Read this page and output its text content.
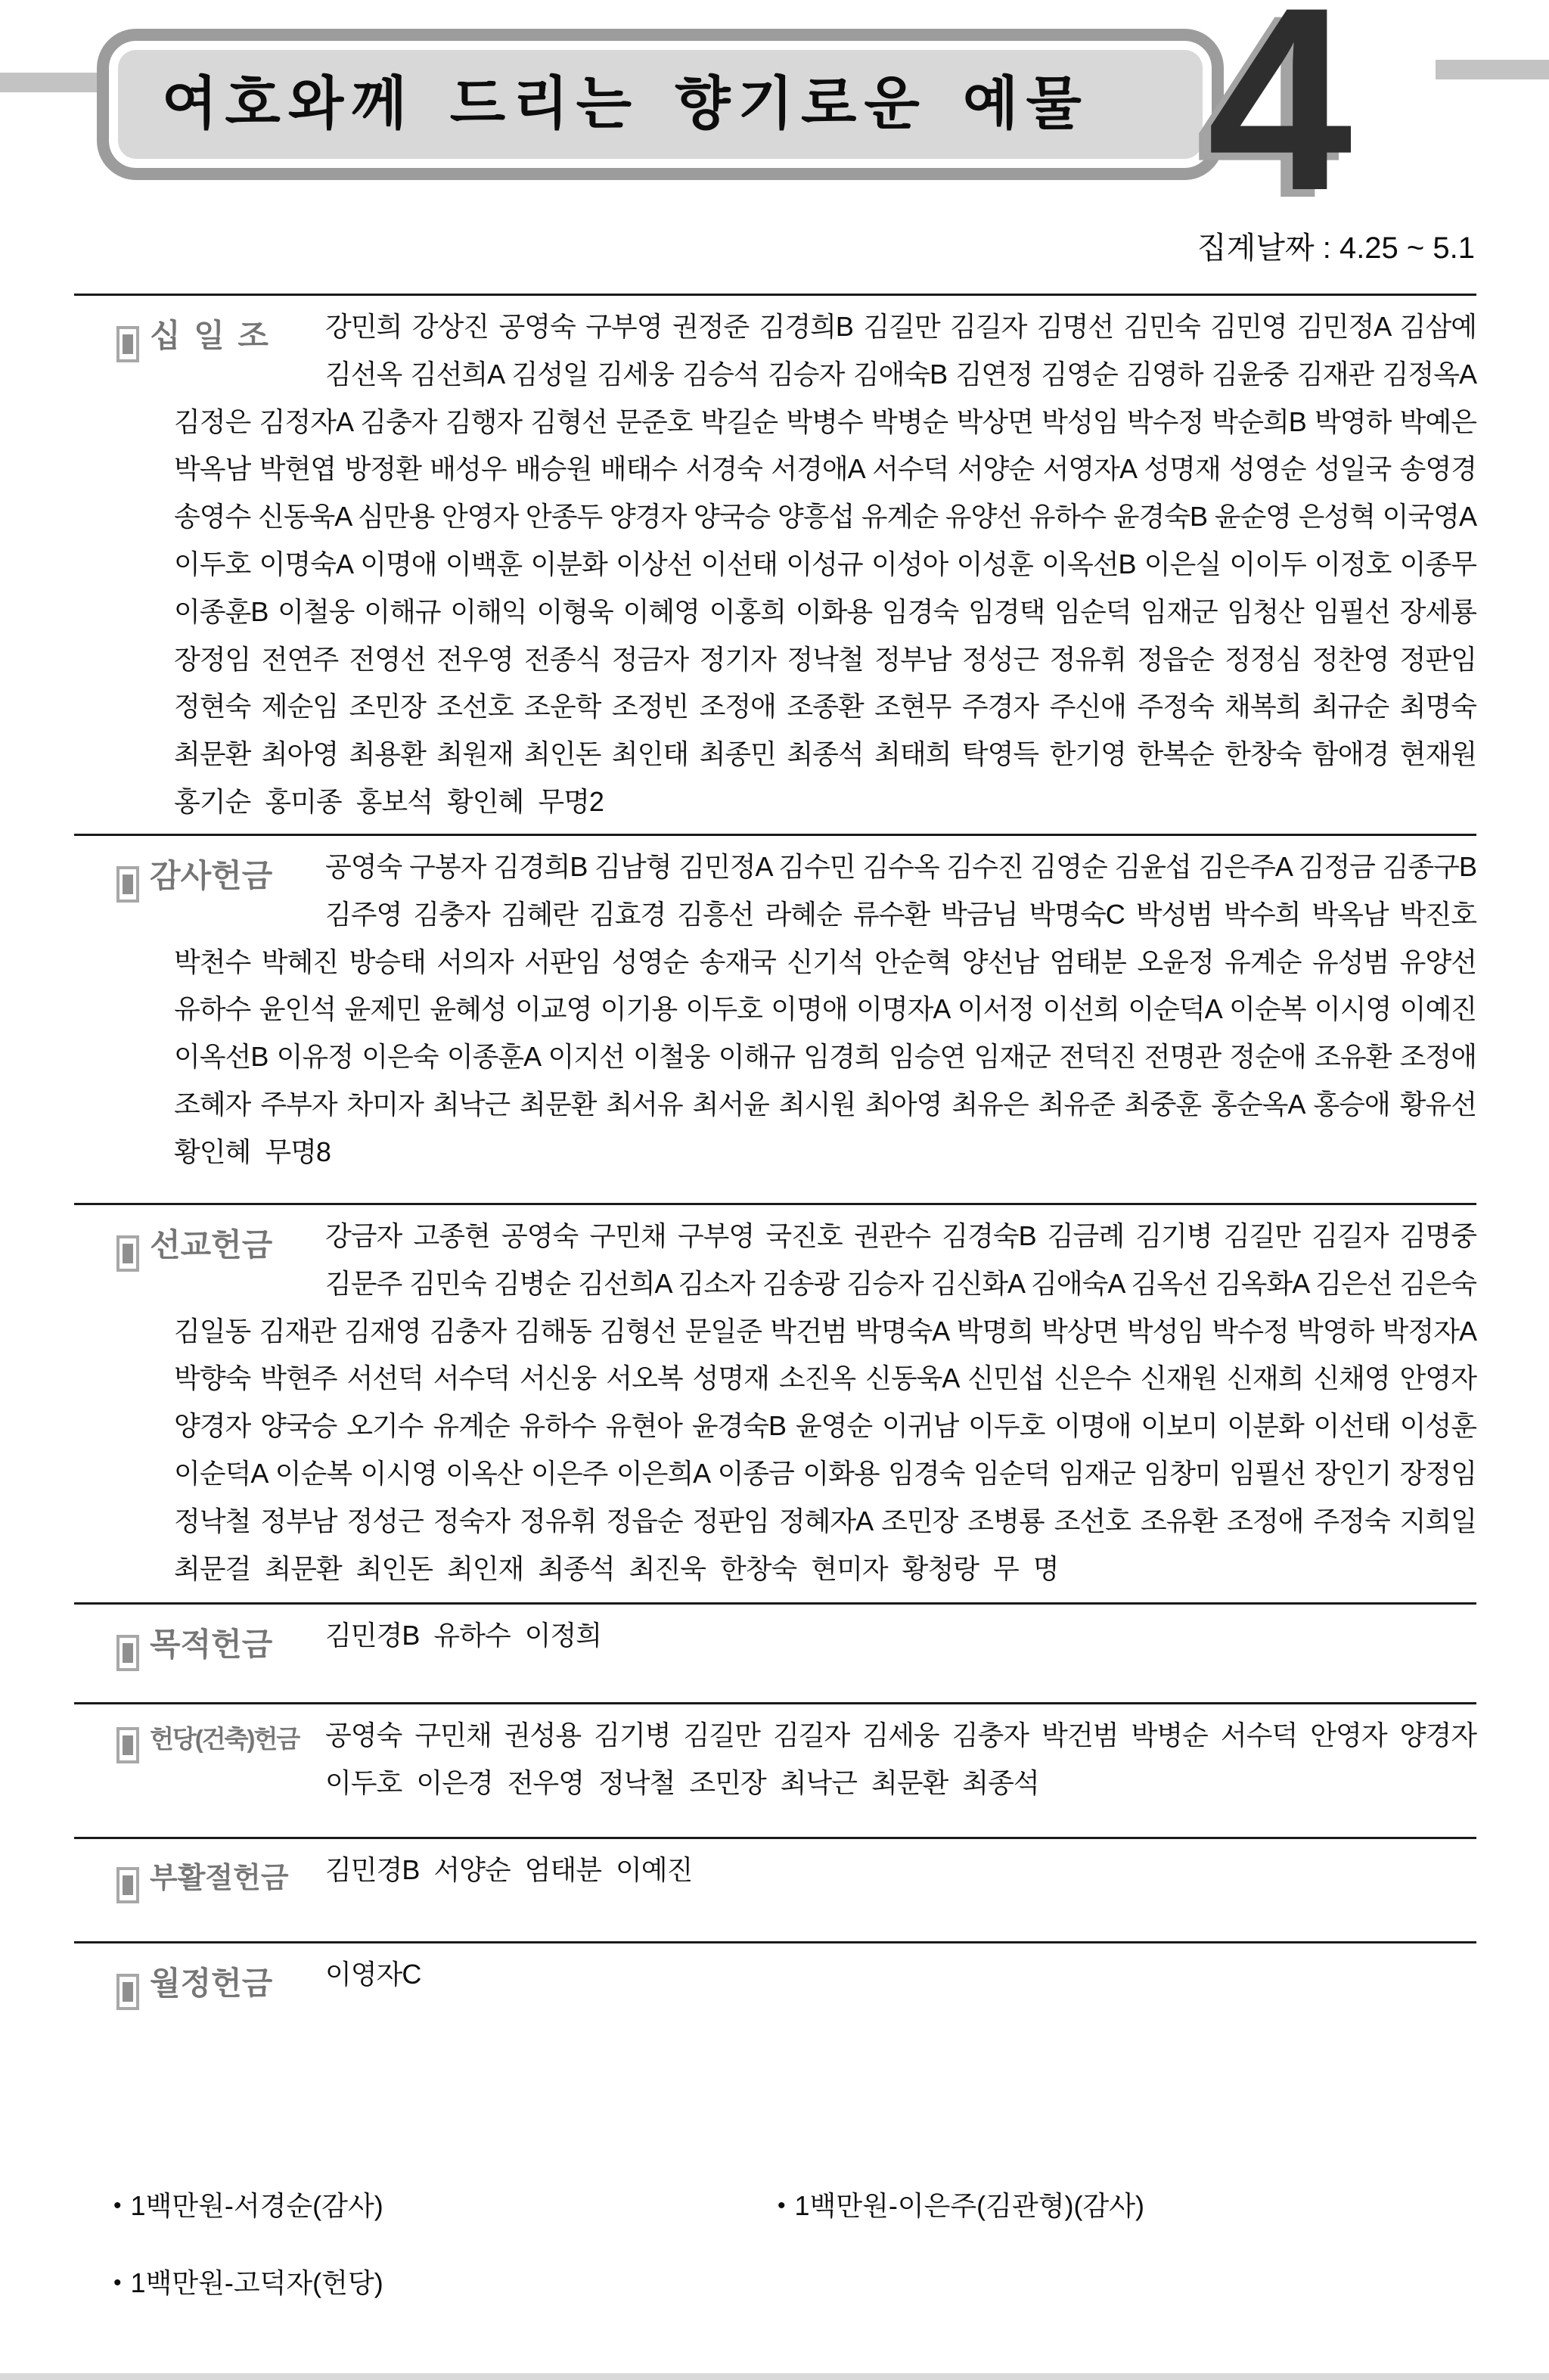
여호와께 드리는 향기로운 예물 4
집계날짜 : 4.25 ~ 5.1
십일조 강민희 강상진 공영숙 구부영 권정준 김경희B 김길만 김길자 김명선 김민숙 김민영 김민정A 김삼예
김선옥 김선희A 김성일 김세웅 김승석 김승자 김애숙B 김연정 김영순 김영하 김윤중 김재관 김정옥A
김정은 김정자A 김충자 김행자 김형선 문준호 박길순 박병수 박병순 박상면 박성임 박수정 박순희B 박영하 박예은
박옥남 박현엽 방정환 배성우 배승원 배태수 서경숙 서경애A 서수덕 서양순 서영자A 성명재 성영순 성일국 송영경
송영수 신동욱A 심만용 안영자 안종두 양경자 양국승 양흥섭 유계순 유양선 유하수 윤경숙B 윤순영 은성혁 이국영A
이두호 이명숙A 이명애 이백훈 이분화 이상선 이선태 이성규 이성아 이성훈 이옥선B 이은실 이이두 이정호 이종무
이종훈B 이철웅 이해규 이해익 이형욱 이혜영 이홍희 이화용 임경숙 임경택 임순덕 임재군 임청산 임필선 장세룡
장정임 전연주 전영선 전우영 전종식 정금자 정기자 정낙철 정부남 정성근 정유휘 정읍순 정정심 정찬영 정판임
정현숙 제순임 조민장 조선호 조운학 조정빈 조정애 조종환 조현무 주경자 주신애 주정숙 채복희 최규순 최명숙
최문환 최아영 최용환 최원재 최인돈 최인태 최종민 최종석 최태희 탁영득 한기영 한복순 한창숙 함애경 현재원
홍기순 홍미종 홍보석 황인혜 무명2
감사헌금 공영숙 구봉자 김경희B 김남형 김민정A 김수민 김수옥 김수진 김영순 김윤섭 김은주A 김정금 김종구B
김주영 김충자 김혜란 김효경 김흥선 라혜순 류수환 박금님 박명숙C 박성범 박수희 박옥남 박진호
박천수 박혜진 방승태 서의자 서판임 성영순 송재국 신기석 안순혁 양선남 엄태분 오윤정 유계순 유성범 유양선
유하수 윤인석 윤제민 윤혜성 이교영 이기용 이두호 이명애 이명자A 이서정 이선희 이순덕A 이순복 이시영 이예진
이옥선B 이유정 이은숙 이종훈A 이지선 이철웅 이해규 임경희 임승연 임재군 전덕진 전명관 정순애 조유환 조정애
조혜자 주부자 차미자 최낙근 최문환 최서유 최서윤 최시원 최아영 최유은 최유준 최중훈 홍순옥A 홍승애 황유선
황인혜 무명8
선교헌금 강금자 고종현 공영숙 구민채 구부영 국진호 권관수 김경숙B 김금례 김기병 김길만 김길자 김명중
김문주 김민숙 김병순 김선희A 김소자 김송광 김승자 김신화A 김애숙A 김옥선 김옥화A 김은선 김은숙
김일동 김재관 김재영 김충자 김해동 김형선 문일준 박건범 박명숙A 박명희 박상면 박성임 박수정 박영하 박정자A
박향숙 박현주 서선덕 서수덕 서신웅 서오복 성명재 소진옥 신동욱A 신민섭 신은수 신재원 신재희 신채영 안영자
양경자 양국승 오기수 유계순 유하수 유현아 윤경숙B 윤영순 이귀남 이두호 이명애 이보미 이분화 이선태 이성훈
이순덕A 이순복 이시영 이옥산 이은주 이은희A 이종금 이화용 임경숙 임순덕 임재군 임창미 임필선 장인기 장정임
정낙철 정부남 정성근 정숙자 정유휘 정읍순 정판임 정혜자A 조민장 조병룡 조선호 조유환 조정애 주정숙 지희일
최문걸 최문환 최인돈 최인재 최종석 최진욱 한창숙 현미자 황청랑 무 명
목적헌금 김민경B 유하수 이정희
헌당(건축)헌금 공영숙 구민채 권성용 김기병 김길만 김길자 김세웅 김충자 박건범 박병순 서수덕 안영자 양경자
이두호 이은경 전우영 정낙철 조민장 최낙근 최문환 최종석
부활절헌금 김민경B 서양순 엄태분 이예진
월정헌금 이영자C
• 1백만원-서경순(감사)
• 1백만원-고덕자(헌당)
• 1백만원-이은주(김관형)(감사)
